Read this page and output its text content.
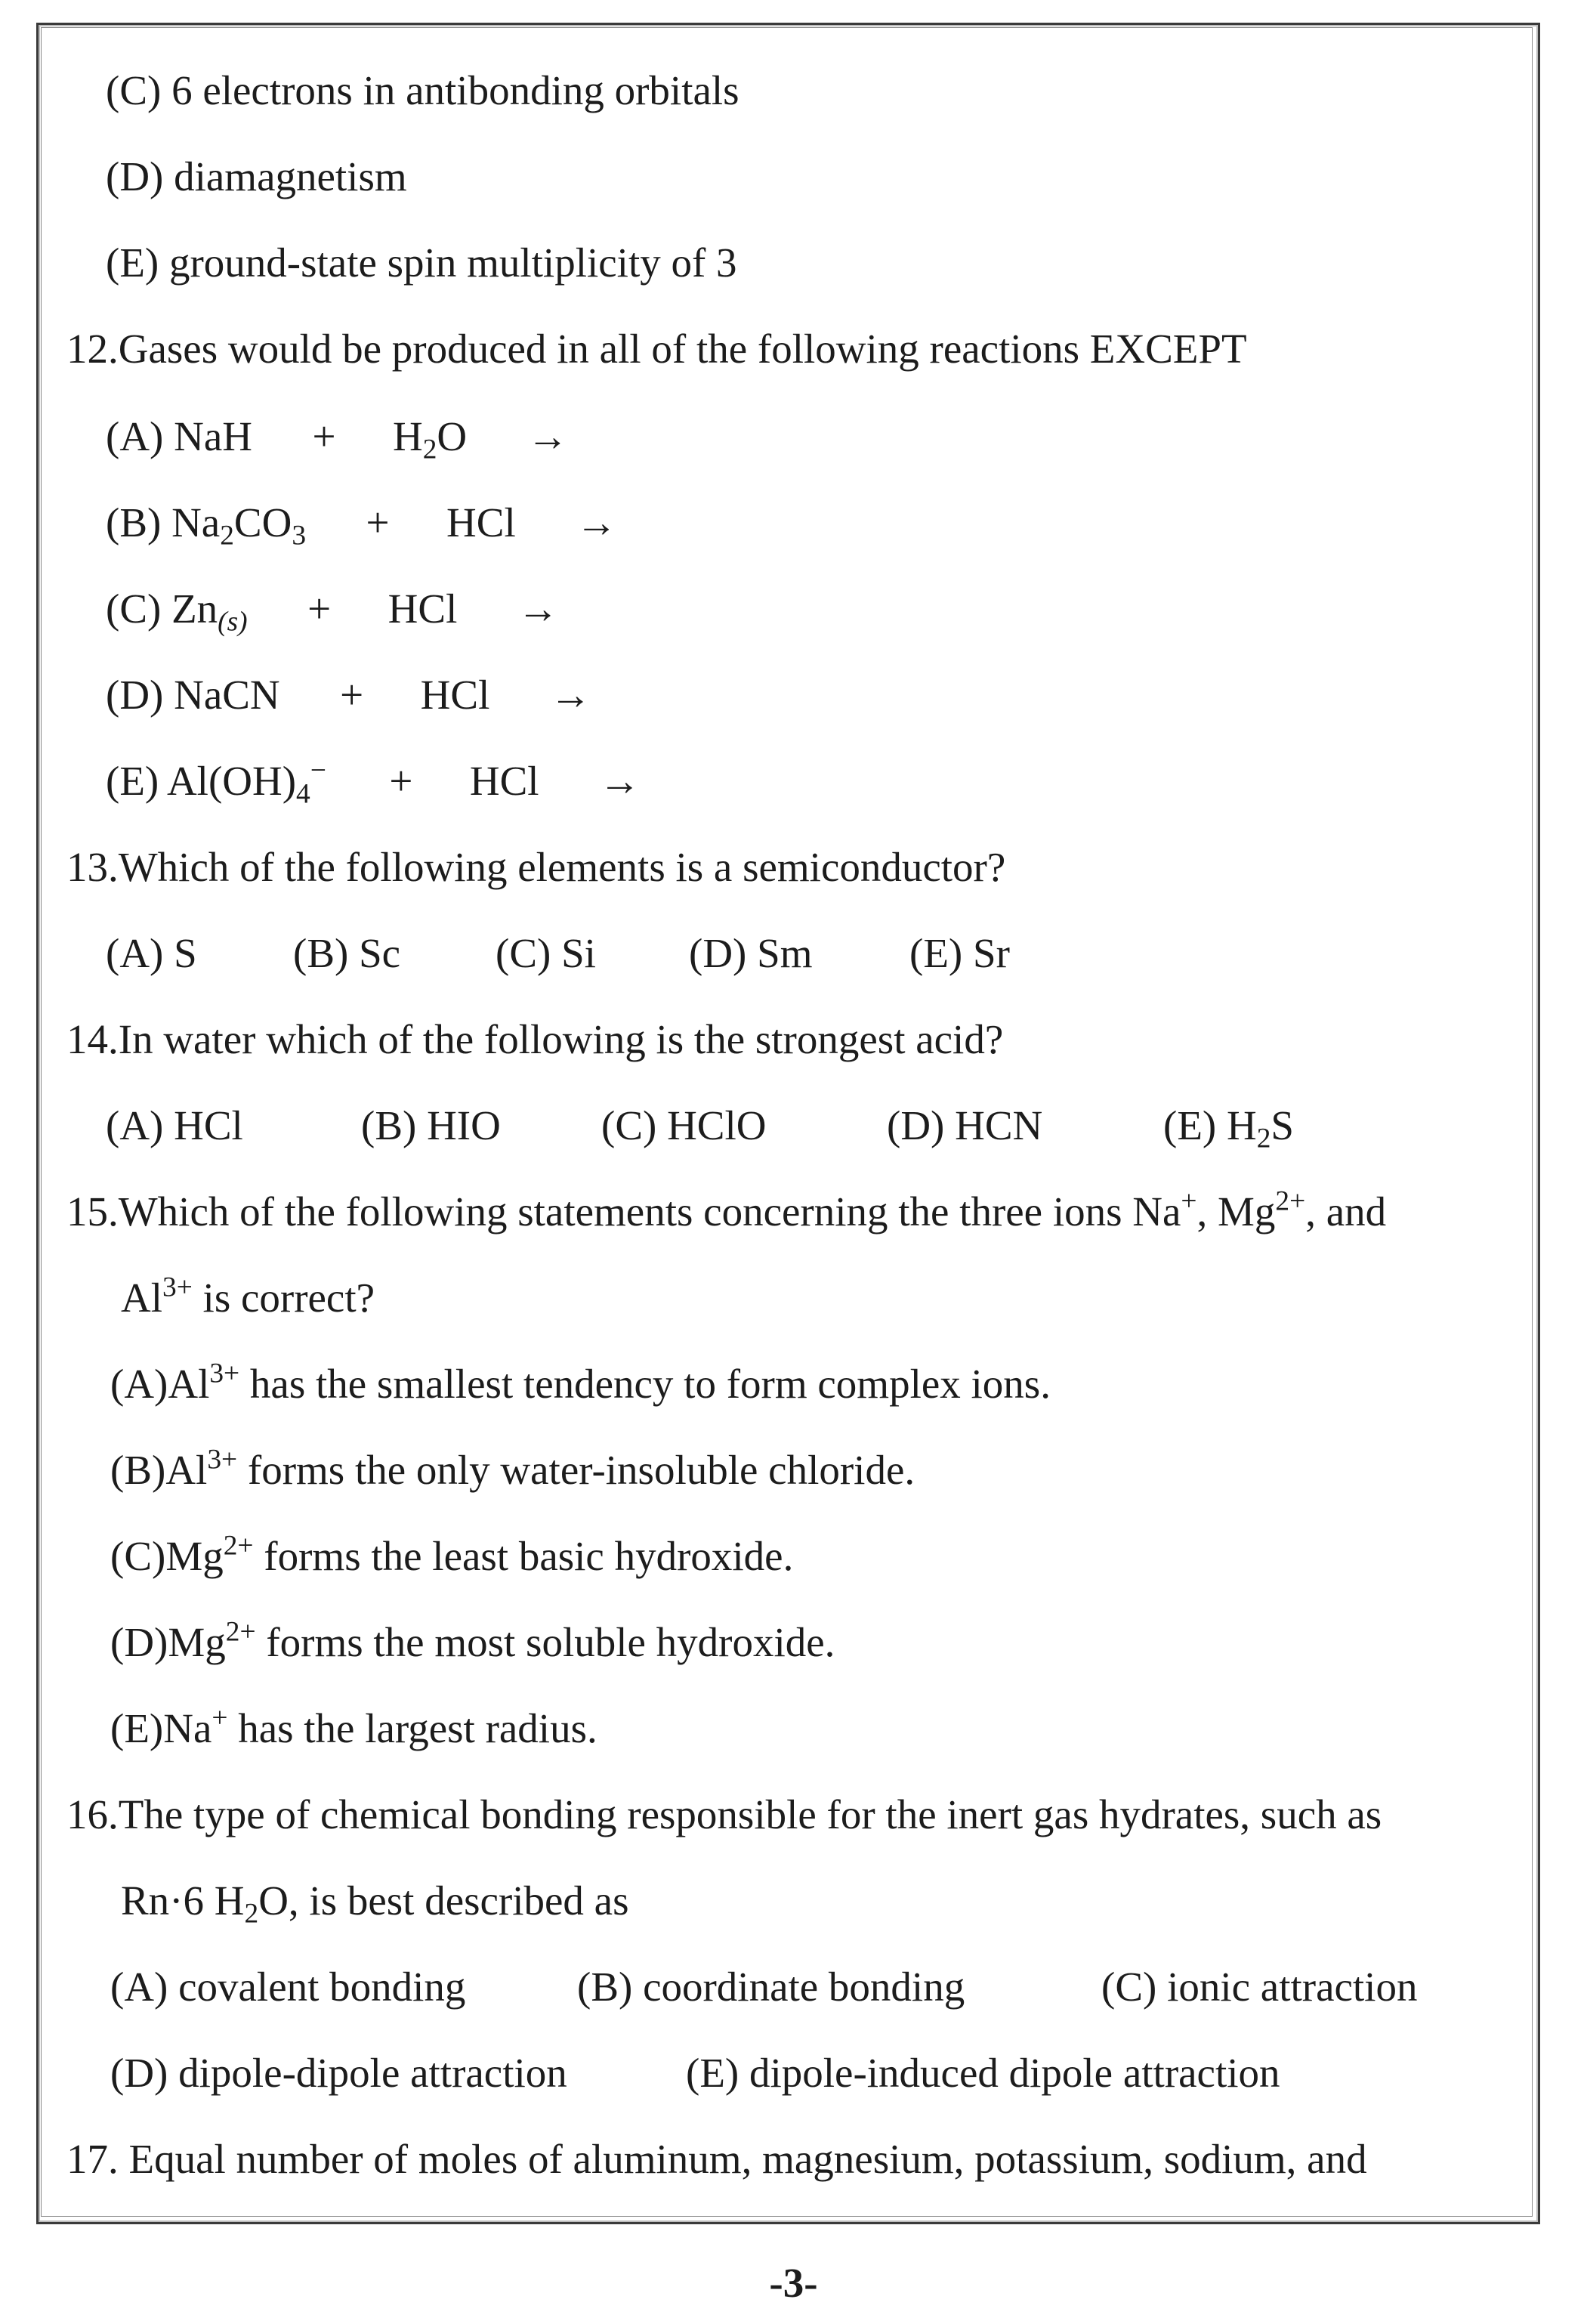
(C) 6 electrons in antibonding orbitals
(D) diamagnetism
(E) ground-state spin multiplicity of 3
12.Gases would be produced in all of the following reactions EXCEPT
(A) NaH + $H_2O$ →
(B) $Na_2CO_3$ + HCl →
(C) $Zn_{(s)}$ + HCl →
(D) NaCN + HCl →
(E) $Al(OH)_4^-$ + HCl →
13.Which of the following elements is a semiconductor?
(A) S (B) Sc (C) Si (D) Sm (E) Sr
14.In water which of the following is the strongest acid?
(A) HCl	(B) HIO (C) HClO	(D) HCN	(E) $H_2S$
15.Which of the following statements concerning the three ions Na+, $Mg^{2+}$, and
$Al^{3+}$ is correct?
$(A)Al^{3+}$ has the smallest tendency to form complex ions.
$(B)Al^{3+}$ forms the only water-insoluble chloride.
$(C)Mg^{2+}$ forms the least basic hydroxide.
$(D)Mg^{2+}$ forms the most soluble hydroxide.
(E)Na+ has the largest radius.
16.The type of chemical bonding responsible for the inert gas hydrates, such as
Rn·6 $H_2O$, is best described as
(A) covalent bonding	(B) coordinate bonding	(C) ionic attraction
(D) dipole-dipole attraction	(E) dipole-induced dipole attraction
17. Equal number of moles of aluminum, magnesium, potassium, sodium, and
-3-
